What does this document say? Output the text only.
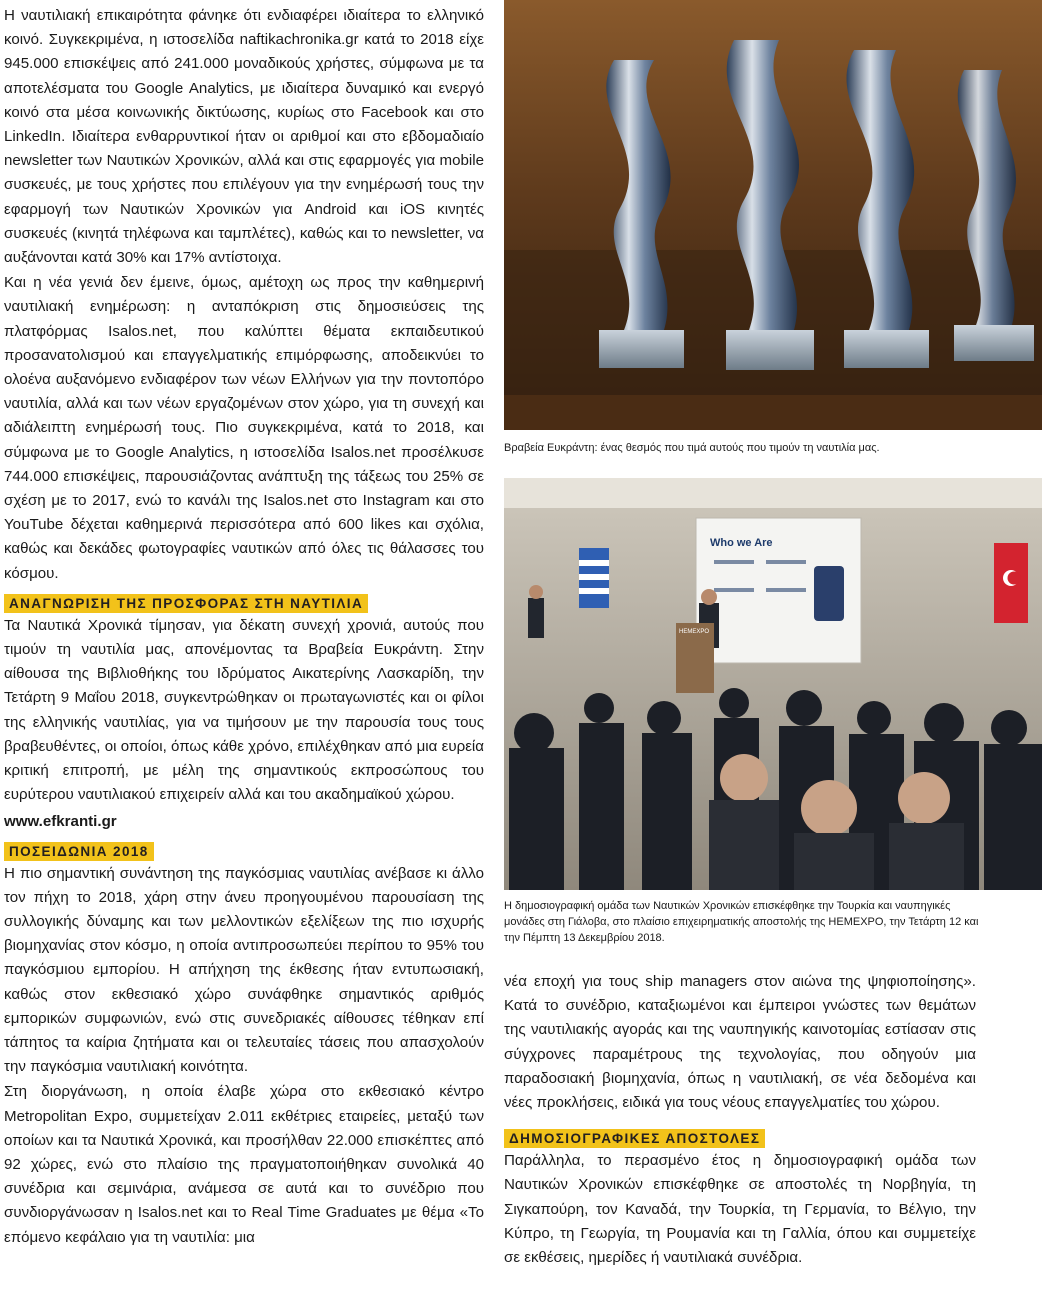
Η ναυτιλιακή επικαιρότητα φάνηκε ότι ενδιαφέρει ιδιαίτερα το ελληνικό κοινό. Συγκεκριμένα, η ιστοσελίδα naftikachronika.gr κατά το 2018 είχε 945.000 επισκέψεις από 241.000 μοναδικούς χρήστες, σύμφωνα με τα αποτελέσματα του Google Analytics, με ιδιαίτερα δυναμικό και ενεργό κοινό στα μέσα κοινωνικής δικτύωσης, κυρίως στο Facebook και στο LinkedIn. Ιδιαίτερα ενθαρρυντικοί ήταν οι αριθμοί και στο εβδομαδιαίο newsletter των Ναυτικών Χρονικών, αλλά και στις εφαρμογές για mobile συσκευές, με τους χρήστες που επιλέγουν για την ενημέρωσή τους την εφαρμογή των Ναυτικών Χρονικών για Android και iOS κινητές συσκευές (κινητά τηλέφωνα και ταμπλέτες), καθώς και το newsletter, να αυξάνονται κατά 30% και 17% αντίστοιχα.

Και η νέα γενιά δεν έμεινε, όμως, αμέτοχη ως προς την καθημερινή ναυτιλιακή ενημέρωση: η ανταπόκριση στις δημοσιεύσεις της πλατφόρμας Isalos.net, που καλύπτει θέματα εκπαιδευτικού προσανατολισμού και επαγγελματικής επιμόρφωσης, αποδεικνύει το ολοένα αυξανόμενο ενδιαφέρον των νέων Ελλήνων για την ποντοπόρο ναυτιλία, αλλά και των νέων εργαζομένων στον χώρο, για τη συνεχή και αδιάλειπτη ενημέρωσή τους. Πιο συγκεκριμένα, κατά το 2018, και σύμφωνα με το Google Analytics, η ιστοσελίδα Isalos.net προσέλκυσε 744.000 επισκέψεις, παρουσιάζοντας ανάπτυξη της τάξεως του 25% σε σχέση με το 2017, ενώ το κανάλι της Isalos.net στο Instagram και στο YouTube δέχεται καθημερινά περισσότερα από 600 likes και σχόλια, καθώς και δεκάδες φωτογραφίες ναυτικών από όλες τις θάλασσες του κόσμου.

ΑΝΑΓΝΩΡΙΣΗ ΤΗΣ ΠΡΟΣΦΟΡΑΣ ΣΤΗ ΝΑΥΤΙΛΙΑ

Τα Ναυτικά Χρονικά τίμησαν, για δέκατη συνεχή χρονιά, αυτούς που τιμούν τη ναυτιλία μας, απονέμοντας τα Βραβεία Ευκράντη. Στην αίθουσα της Βιβλιοθήκης του Ιδρύματος Αικατερίνης Λασκαρίδη, την Τετάρτη 9 Μαΐου 2018, συγκεντρώθηκαν οι πρωταγωνιστές και οι φίλοι της ελληνικής ναυτιλίας, για να τιμήσουν με την παρουσία τους τους βραβευθέντες, οι οποίοι, όπως κάθε χρόνο, επιλέχθηκαν από μια ευρεία κριτική επιτροπή, με μέλη της σημαντικούς εκπροσώπους του ευρύτερου ναυτιλιακού επιχειρείν αλλά και του ακαδημαϊκού χώρου.

www.efkranti.gr
ΠΟΣΕΙΔΩΝΙΑ 2018

Η πιο σημαντική συνάντηση της παγκόσμιας ναυτιλίας ανέβασε κι άλλο τον πήχη το 2018, χάρη στην άνευ προηγουμένου παρουσίαση της συλλογικής δύναμης και των μελλοντικών εξελίξεων της πιο ισχυρής βιομηχανίας στον κόσμο, η οποία αντιπροσωπεύει περίπου το 95% του παγκόσμιου εμπορίου. Η απήχηση της έκθεσης ήταν εντυπωσιακή, καθώς στον εκθεσιακό χώρο συνάφθηκε σημαντικός αριθμός εμπορικών συμφωνιών, ενώ στις συνεδριακές αίθουσες τέθηκαν επί τάπητος τα καίρια ζητήματα και οι τελευταίες τάσεις που απασχολούν την παγκόσμια ναυτιλιακή κοινότητα.

Στη διοργάνωση, η οποία έλαβε χώρα στο εκθεσιακό κέντρο Metropolitan Expo, συμμετείχαν 2.011 εκθέτριες εταιρείες, μεταξύ των οποίων και τα Ναυτικά Χρονικά, και προσήλθαν 22.000 επισκέπτες από 92 χώρες, ενώ στο πλαίσιο της πραγματοποιήθηκαν συνολικά 40 συνέδρια και σεμινάρια, ανάμεσα σε αυτά και το συνέδριο που συνδιοργάνωσαν η Isalos.net και το Real Time Graduates με θέμα «Το επόμενο κεφάλαιο για τη ναυτιλία: μια

Βραβεία Ευκράντη: ένας θεσμός που τιμά αυτούς που τιμούν τη ναυτιλία μας.
Who we Are
HEMEXPO
Η δημοσιογραφική ομάδα των Ναυτικών Χρονικών επισκέφθηκε την Τουρκία και ναυπηγικές μονάδες στη Γιάλοβα, στο πλαίσιο επιχειρηματικής αποστολής της HEMEXPO, την Τετάρτη 12 και την Πέμπτη 13 Δεκεμβρίου 2018.

νέα εποχή για τους ship managers στον αιώνα της ψηφιοποίησης». Κατά το συνέδριο, καταξιωμένοι και έμπειροι γνώστες των θεμάτων της ναυτιλιακής αγοράς και της ναυπηγικής καινοτομίας εστίασαν στις σύγχρονες παραμέτρους της τεχνολογίας, που οδηγούν μια παραδοσιακή βιομηχανία, όπως η ναυτιλιακή, σε νέα δεδομένα και νέες προκλήσεις, ειδικά για τους νέους επαγγελματίες του χώρου.

ΔΗΜΟΣΙΟΓΡΑΦΙΚΕΣ ΑΠΟΣΤΟΛΕΣ

Παράλληλα, το περασμένο έτος η δημοσιογραφική ομάδα των Ναυτικών Χρονικών επισκέφθηκε σε αποστολές τη Νορβηγία, τη Σιγκαπούρη, τον Καναδά, την Τουρκία, τη Γερμανία, το Βέλγιο, την Κύπρο, τη Γεωργία, τη Ρουμανία και τη Γαλλία, όπου και συμμετείχε σε εκθέσεις, ημερίδες ή ναυτιλιακά συνέδρια.
